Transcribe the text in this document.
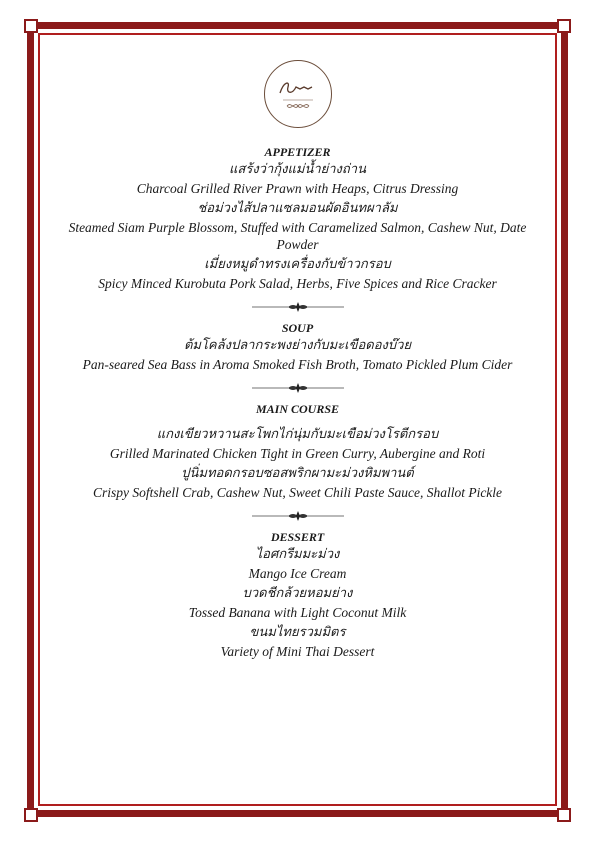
APPETIZER

แสร้งว่ากุ้งแม่น้ำย่างถ่าน

Charcoal Grilled River Prawn with Heaps, Citrus Dressing

ช่อม่วงไส้ปลาแซลมอนผัดอินทผาลัม

Steamed Siam Purple Blossom, Stuffed with Caramelized Salmon, Cashew Nut, Date Powder

เมี่ยงหมูดำทรงเครื่องกับข้าวกรอบ

Spicy Minced Kurobuta Pork Salad, Herbs, Five Spices and Rice Cracker

SOUP

ต้มโคล้งปลากระพงย่างกับมะเขือดองบ๊วย

Pan-seared Sea Bass in Aroma Smoked Fish Broth, Tomato Pickled Plum Cider

MAIN COURSE

แกงเขียวหวานสะโพกไก่นุ่มกับมะเขือม่วงโรตีกรอบ

Grilled Marinated Chicken Tight in Green Curry, Aubergine and Roti

ปูนิ่มทอดกรอบซอสพริกผามะม่วงหิมพานต์

Crispy Softshell Crab, Cashew Nut, Sweet Chili Paste Sauce, Shallot Pickle

DESSERT

ไอศกรีมมะม่วง

Mango Ice Cream

บวดชีกล้วยหอมย่าง

Tossed Banana with Light Coconut Milk

ขนมไทยรวมมิตร

Variety of Mini Thai Dessert
